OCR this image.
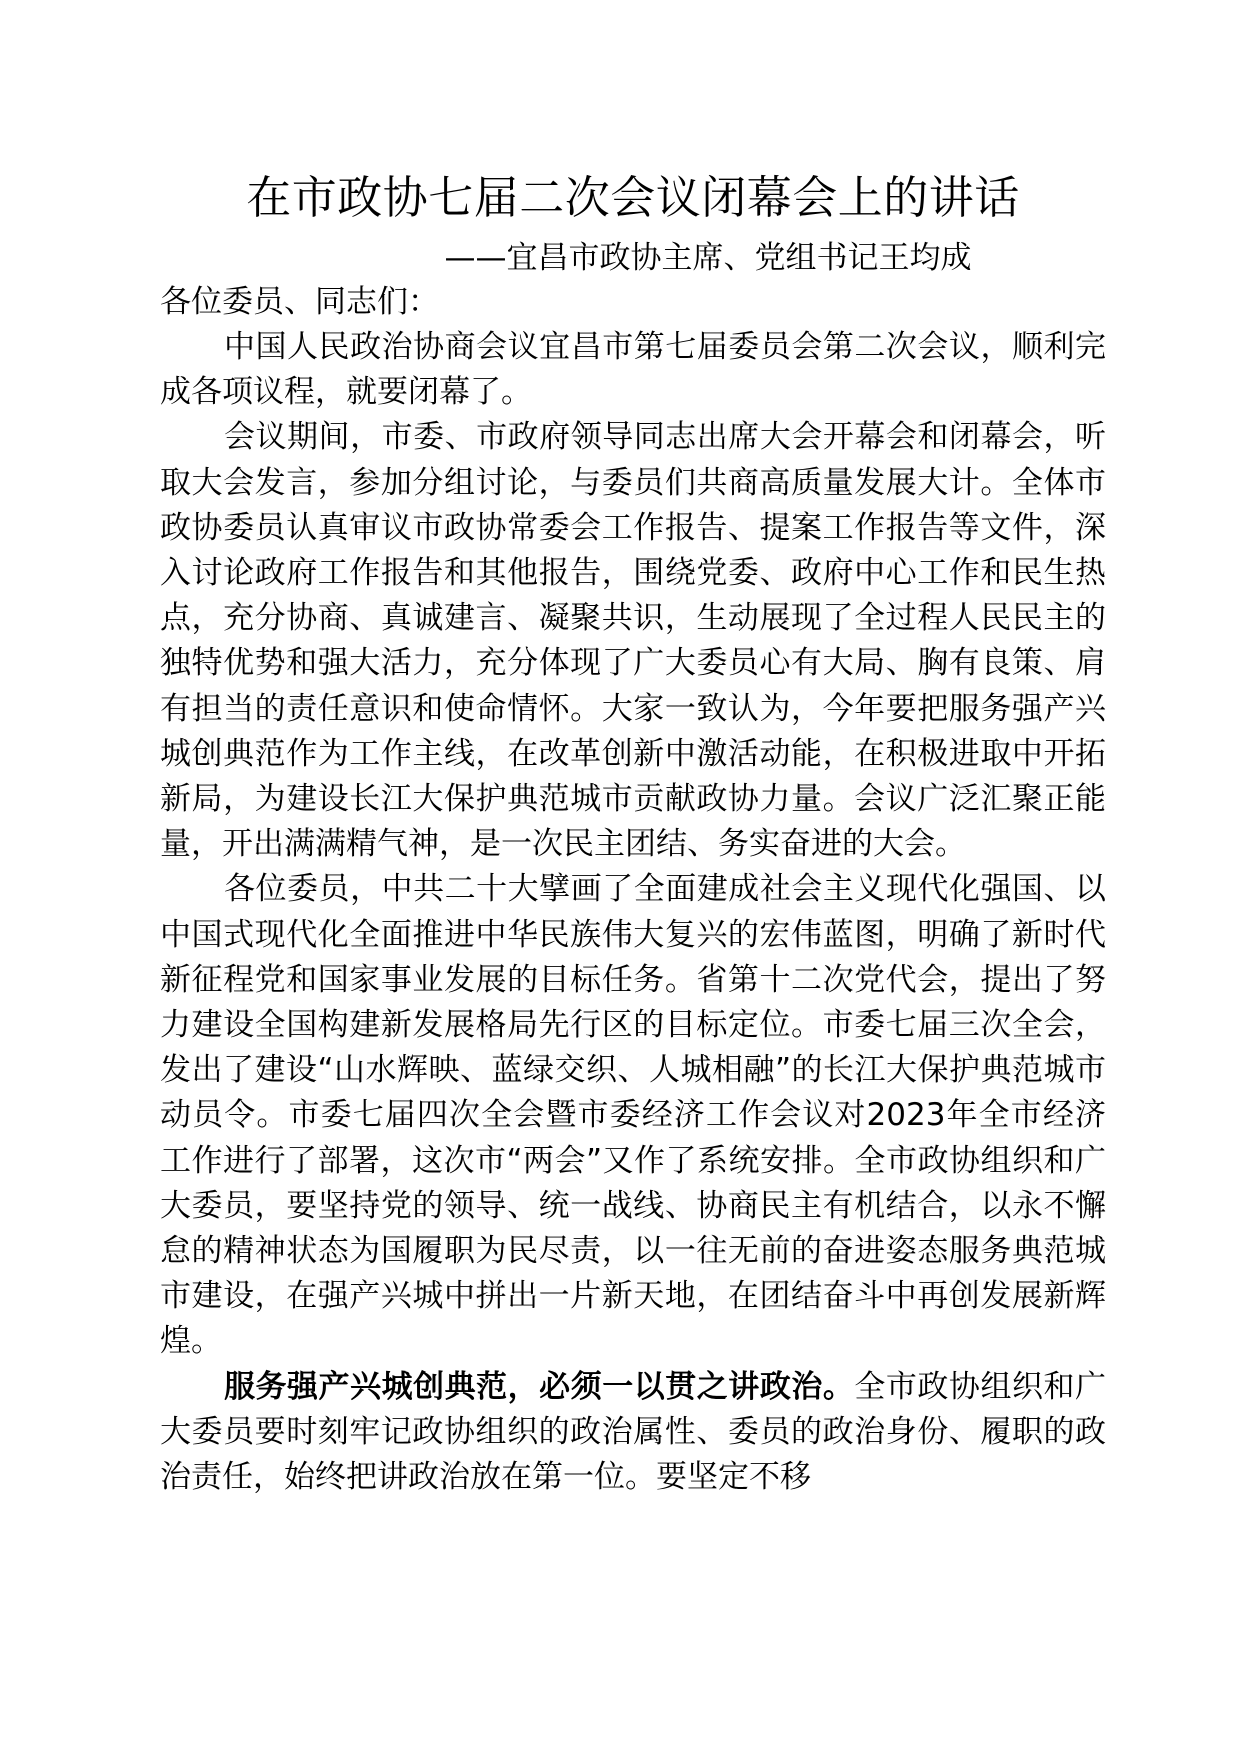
在市政协七届二次会议闭幕会上的讲话

——宜昌市政协主席、党组书记王均成

各位委员、同志们：

中国人民政治协商会议宜昌市第七届委员会第二次会议，顺利完成各项议程，就要闭幕了。

会议期间，市委、市政府领导同志出席大会开幕会和闭幕会，听取大会发言，参加分组讨论，与委员们共商高质量发展大计。全体市政协委员认真审议市政协常委会工作报告、提案工作报告等文件，深入讨论政府工作报告和其他报告，围绕党委、政府中心工作和民生热点，充分协商、真诚建言、凝聚共识，生动展现了全过程人民民主的独特优势和强大活力，充分体现了广大委员心有大局、胸有良策、肩有担当的责任意识和使命情怀。大家一致认为，今年要把服务强产兴城创典范作为工作主线，在改革创新中激活动能，在积极进取中开拓新局，为建设长江大保护典范城市贡献政协力量。会议广泛汇聚正能量，开出满满精气神，是一次民主团结、务实奋进的大会。

各位委员，中共二十大擘画了全面建成社会主义现代化强国、以中国式现代化全面推进中华民族伟大复兴的宏伟蓝图，明确了新时代新征程党和国家事业发展的目标任务。省第十二次党代会，提出了努力建设全国构建新发展格局先行区的目标定位。市委七届三次全会，发出了建设“山水辉映、蓝绿交织、人城相融”的长江大保护典范城市动员令。市委七届四次全会暨市委经济工作会议对2023年全市经济工作进行了部署，这次市“两会”又作了系统安排。全市政协组织和广大委员，要坚持党的领导、统一战线、协商民主有机结合，以永不懈怠的精神状态为国履职为民尽责，以一往无前的奋进姿态服务典范城市建设，在强产兴城中拼出一片新天地，在团结奋斗中再创发展新辉煌。

服务强产兴城创典范，必须一以贯之讲政治。全市政协组织和广大委员要时刻牢记政协组织的政治属性、委员的政治身份、履职的政治责任，始终把讲政治放在第一位。要坚定不移
